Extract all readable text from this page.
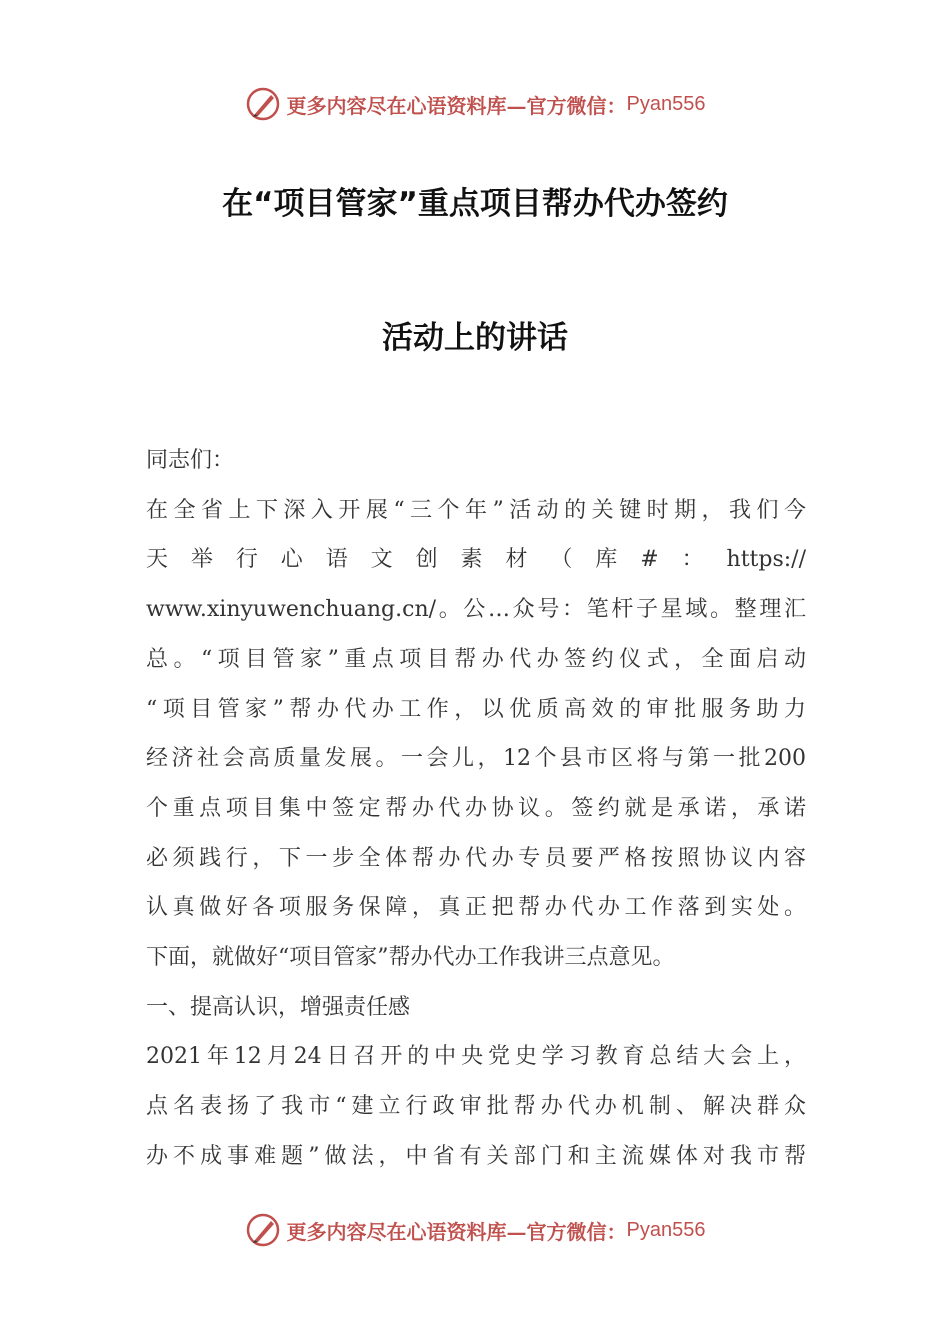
更多内容尽在心语资料库—官方微信： Pyan556
在“项目管家”重点项目帮办代办签约
活动上的讲话

同志们：

在全省上下深入开展“三个年”活动的关键时期，我们今

天举行心语文创素材（库#：https://

www.xinyuwenchuang.cn/。公…众号：笔杆子星域。整理汇

总。“项目管家”重点项目帮办代办签约仪式，全面启动

“项目管家”帮办代办工作，以优质高效的审批服务助力

经济社会高质量发展。一会儿，12个县市区将与第一批200

个重点项目集中签定帮办代办协议。签约就是承诺，承诺

必须践行，下一步全体帮办代办专员要严格按照协议内容

认真做好各项服务保障，真正把帮办代办工作落到实处。

下面，就做好“项目管家”帮办代办工作我讲三点意见。

一、提高认识，增强责任感

2021年12月24日召开的中央党史学习教育总结大会上，

点名表扬了我市“建立行政审批帮办代办机制、解决群众

办不成事难题”做法，中省有关部门和主流媒体对我市帮

更多内容尽在心语资料库—官方微信： Pyan556
